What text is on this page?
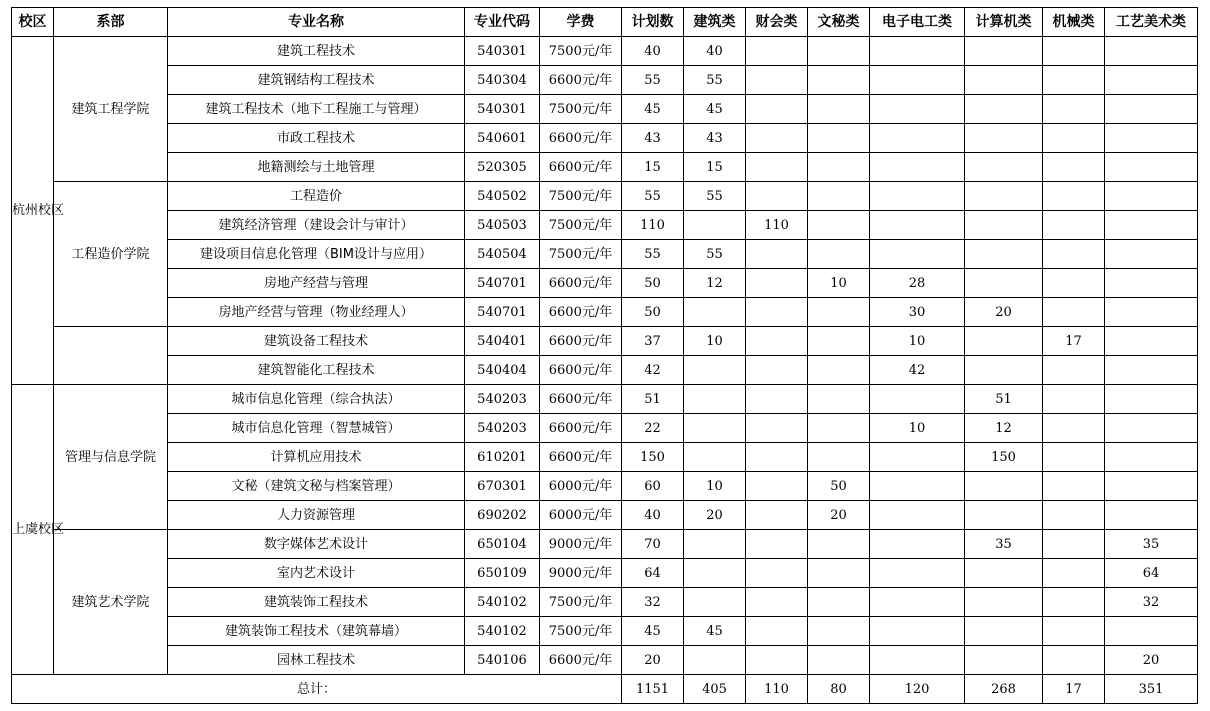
校区	系部	专业名称	专业代码	学费	计划数	建筑类	财会类	文秘类	电子电工类	计算机类	机械类	工艺美术类
杭州校区	建筑工程学院	建筑工程技术	540301	7500元/年	40	40						
		建筑钢结构工程技术	540304	6600元/年	55	55						
		建筑工程技术（地下工程施工与管理）	540301	7500元/年	45	45						
		市政工程技术	540601	6600元/年	43	43						
		地籍测绘与土地管理	520305	6600元/年	15	15						
	工程造价学院	工程造价	540502	7500元/年	55	55						
		建筑经济管理（建设会计与审计）	540503	7500元/年	110		110					
		建设项目信息化管理（BIM设计与应用）	540504	7500元/年	55	55						
		房地产经营与管理	540701	6600元/年	50	12		10	28			
		房地产经营与管理（物业经理人）	540701	6600元/年	50				30	20		
		建筑设备工程技术	540401	6600元/年	37	10			10		17	
		建筑智能化工程技术	540404	6600元/年	42				42			
上虞校区	管理与信息学院	城市信息化管理（综合执法）	540203	6600元/年	51					51		
		城市信息化管理（智慧城管）	540203	6600元/年	22				10	12		
		计算机应用技术	610201	6600元/年	150					150		
		文秘（建筑文秘与档案管理）	670301	6000元/年	60	10		50				
		人力资源管理	690202	6000元/年	40	20		20				
	建筑艺术学院	数字媒体艺术设计	650104	9000元/年	70					35		35
		室内艺术设计	650109	9000元/年	64							64
		建筑装饰工程技术	540102	7500元/年	32							32
		建筑装饰工程技术（建筑幕墙）	540102	7500元/年	45	45						
		园林工程技术	540106	6600元/年	20							20
总计：					1151	405	110	80	120	268	17	351
